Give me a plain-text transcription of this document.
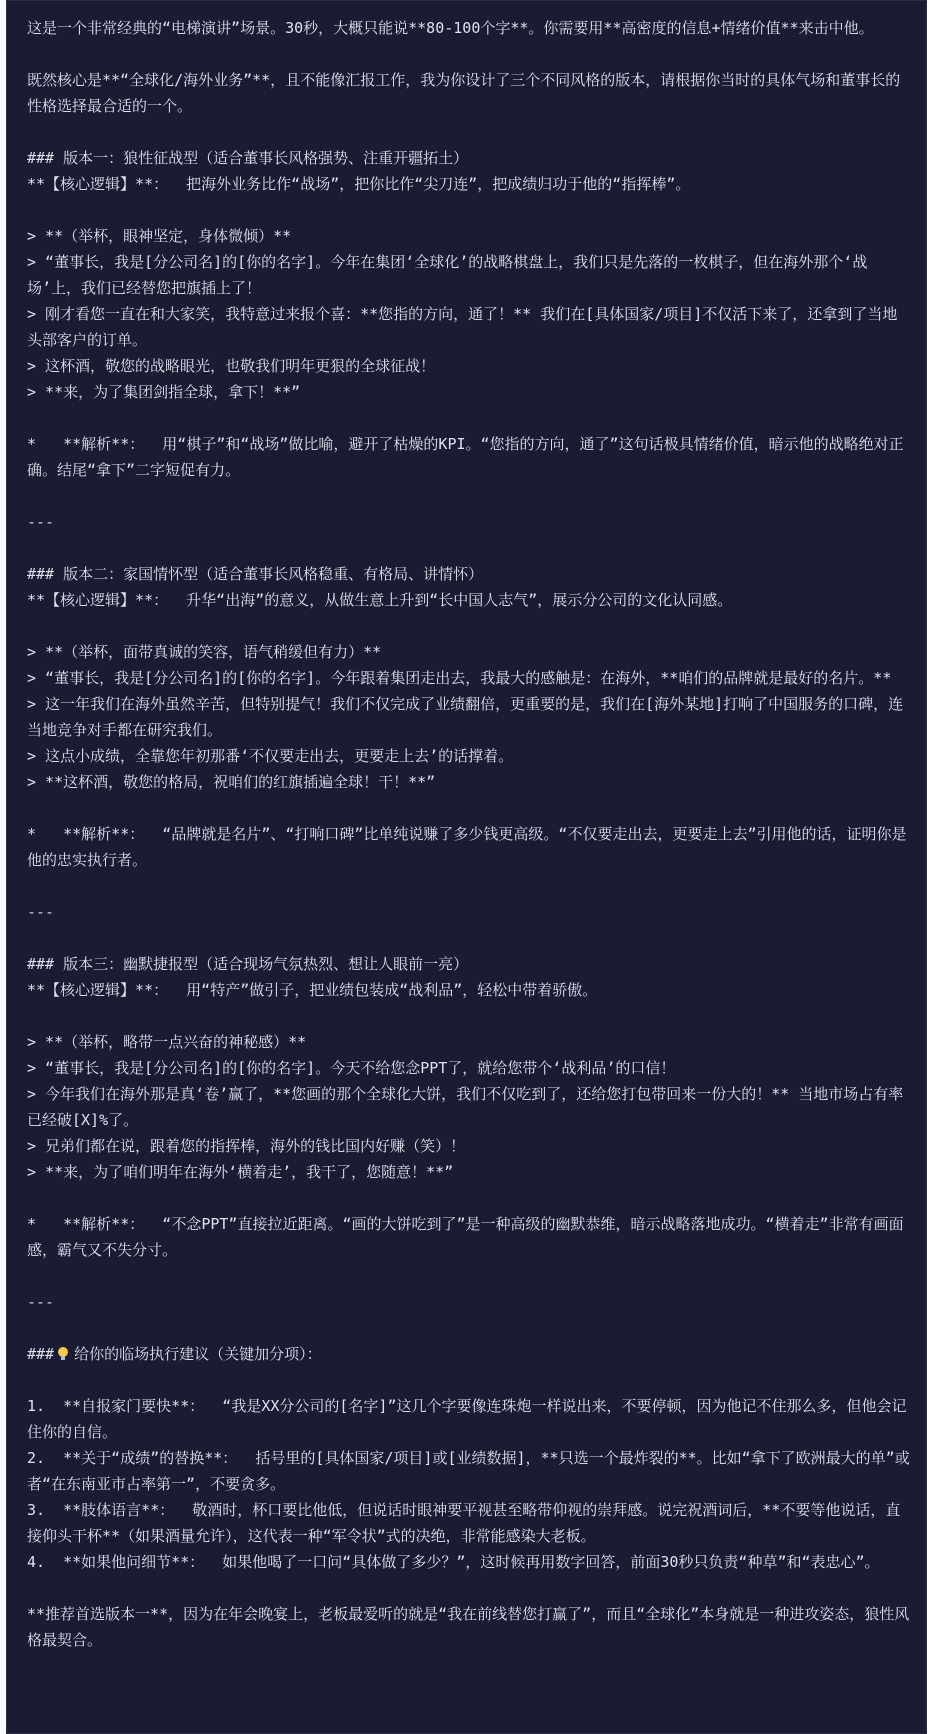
这是一个非常经典的“电梯演讲”场景。30秒，大概只能说**80-100个字**。你需要用**高密度的信息+情绪价值**来击中他。
既然核心是**“全球化/海外业务”**，且不能像汇报工作，我为你设计了三个不同风格的版本，请根据你当时的具体气场和董事长的性格选择最合适的一个。
### 版本一：狼性征战型（适合董事长风格强势、注重开疆拓土）
**【核心逻辑】**：  把海外业务比作“战场”，把你比作“尖刀连”，把成绩归功于他的“指挥棒”。
> **（举杯，眼神坚定，身体微倾）**
> “董事长，我是[分公司名]的[你的名字]。今年在集团‘全球化’的战略棋盘上，我们只是先落的一枚棋子，但在海外那个‘战场’上，我们已经替您把旗插上了！
> 刚才看您一直在和大家笑，我特意过来报个喜：**您指的方向，通了！** 我们在[具体国家/项目]不仅活下来了，还拿到了当地头部客户的订单。
> 这杯酒，敬您的战略眼光，也敬我们明年更狠的全球征战！
> **来，为了集团剑指全球，拿下！**”
*   **解析**：  用“棋子”和“战场”做比喻，避开了枯燥的KPI。“您指的方向，通了”这句话极具情绪价值，暗示他的战略绝对正确。结尾“拿下”二字短促有力。
---
### 版本二：家国情怀型（适合董事长风格稳重、有格局、讲情怀）
**【核心逻辑】**：  升华“出海”的意义，从做生意上升到“长中国人志气”，展示分公司的文化认同感。
> **（举杯，面带真诚的笑容，语气稍缓但有力）**
> “董事长，我是[分公司名]的[你的名字]。今年跟着集团走出去，我最大的感触是：在海外，**咱们的品牌就是最好的名片。**
> 这一年我们在海外虽然辛苦，但特别提气！我们不仅完成了业绩翻倍，更重要的是，我们在[海外某地]打响了中国服务的口碑，连当地竞争对手都在研究我们。
> 这点小成绩，全靠您年初那番‘不仅要走出去，更要走上去’的话撑着。
> **这杯酒，敬您的格局，祝咱们的红旗插遍全球！干！**”
*   **解析**：  “品牌就是名片”、“打响口碑”比单纯说赚了多少钱更高级。“不仅要走出去，更要走上去”引用他的话，证明你是他的忠实执行者。
---
### 版本三：幽默捷报型（适合现场气氛热烈、想让人眼前一亮）
**【核心逻辑】**：  用“特产”做引子，把业绩包装成“战利品”，轻松中带着骄傲。
> **（举杯，略带一点兴奋的神秘感）**
> “董事长，我是[分公司名]的[你的名字]。今天不给您念PPT了，就给您带个‘战利品’的口信！
> 今年我们在海外那是真‘卷’赢了，**您画的那个全球化大饼，我们不仅吃到了，还给您打包带回来一份大的！** 当地市场占有率已经破[X]%了。
> 兄弟们都在说，跟着您的指挥棒，海外的钱比国内好赚（笑）！
> **来，为了咱们明年在海外‘横着走’，我干了，您随意！**”
*   **解析**：  “不念PPT”直接拉近距离。“画的大饼吃到了”是一种高级的幽默恭维，暗示战略落地成功。“横着走”非常有画面感，霸气又不失分寸。
---
### 给你的临场执行建议（关键加分项）：
1.  **自报家门要快**：  “我是XX分公司的[名字]”这几个字要像连珠炮一样说出来，不要停顿，因为他记不住那么多，但他会记住你的自信。
2.  **关于“成绩”的替换**：  括号里的[具体国家/项目]或[业绩数据]，**只选一个最炸裂的**。比如“拿下了欧洲最大的单”或者“在东南亚市占率第一”，不要贪多。
3.  **肢体语言**：  敬酒时，杯口要比他低，但说话时眼神要平视甚至略带仰视的崇拜感。说完祝酒词后，**不要等他说话，直接仰头干杯**（如果酒量允许），这代表一种“军令状”式的决绝，非常能感染大老板。
4.  **如果他问细节**：  如果他喝了一口问“具体做了多少？”，这时候再用数字回答，前面30秒只负责“种草”和“表忠心”。
**推荐首选版本一**，因为在年会晚宴上，老板最爱听的就是“我在前线替您打赢了”，而且“全球化”本身就是一种进攻姿态，狼性风格最契合。
